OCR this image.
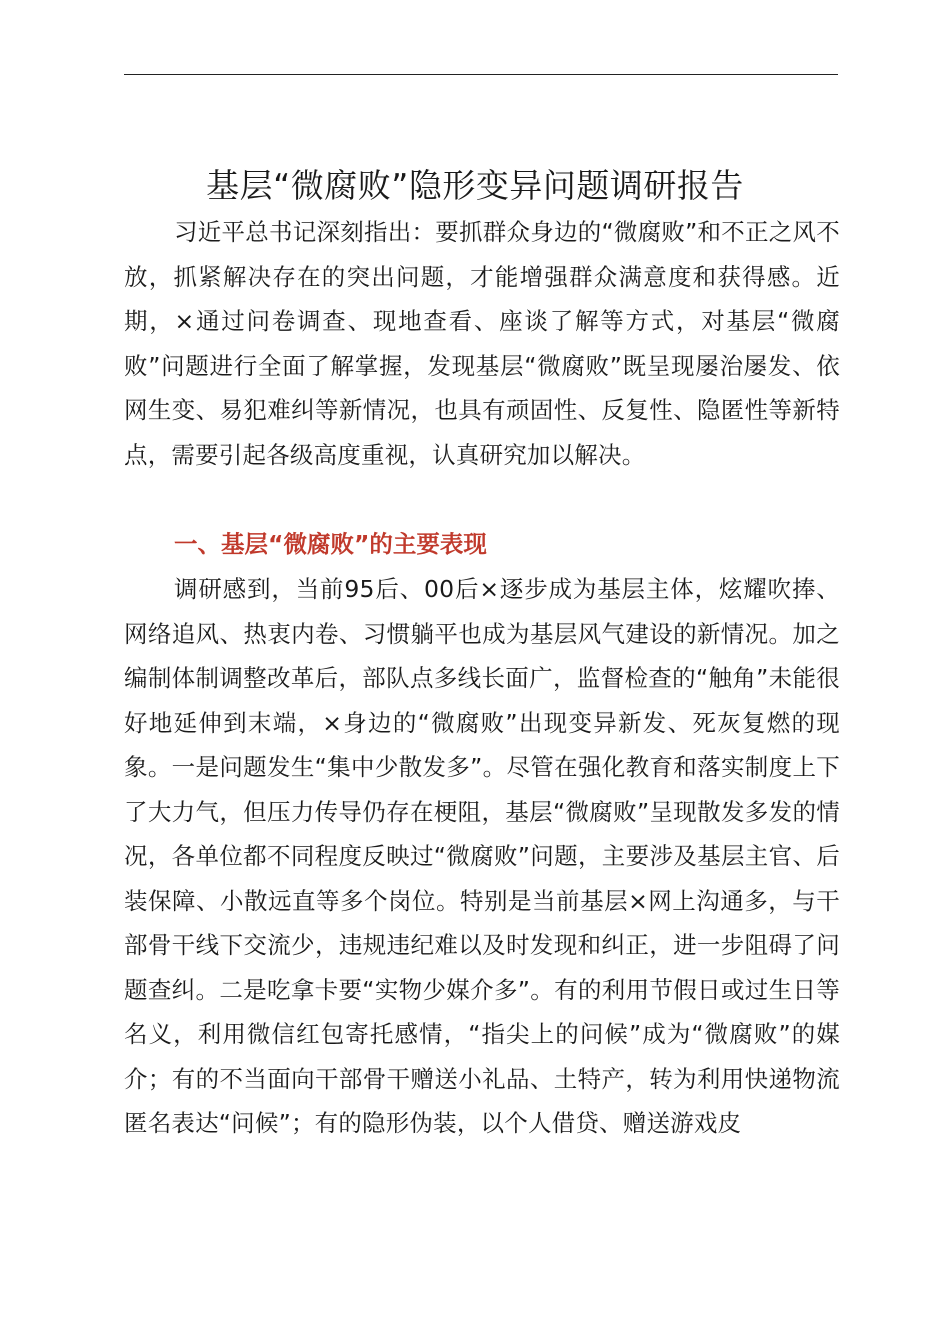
基层“微腐败”隐形变异问题调研报告

习近平总书记深刻指出：要抓群众身边的“微腐败”和不正之风不放，抓紧解决存在的突出问题，才能增强群众满意度和获得感。近期，×通过问卷调查、现地查看、座谈了解等方式，对基层“微腐败”问题进行全面了解掌握，发现基层“微腐败”既呈现屡治屡发、依网生变、易犯难纠等新情况，也具有顽固性、反复性、隐匿性等新特点，需要引起各级高度重视，认真研究加以解决。

一、基层“微腐败”的主要表现

调研感到，当前95后、00后×逐步成为基层主体，炫耀吹捧、网络追风、热衷内卷、习惯躺平也成为基层风气建设的新情况。加之编制体制调整改革后，部队点多线长面广，监督检查的“触角”未能很好地延伸到末端，×身边的“微腐败”出现变异新发、死灰复燃的现象。一是问题发生“集中少散发多”。尽管在强化教育和落实制度上下了大力气，但压力传导仍存在梗阻，基层“微腐败”呈现散发多发的情况，各单位都不同程度反映过“微腐败”问题，主要涉及基层主官、后装保障、小散远直等多个岗位。特别是当前基层×网上沟通多，与干部骨干线下交流少，违规违纪难以及时发现和纠正，进一步阻碍了问题查纠。二是吃拿卡要“实物少媒介多”。有的利用节假日或过生日等名义，利用微信红包寄托感情，“指尖上的问候”成为“微腐败”的媒介；有的不当面向干部骨干赠送小礼品、土特产，转为利用快递物流匿名表达“问候”；有的隐形伪装，以个人借贷、赠送游戏皮
